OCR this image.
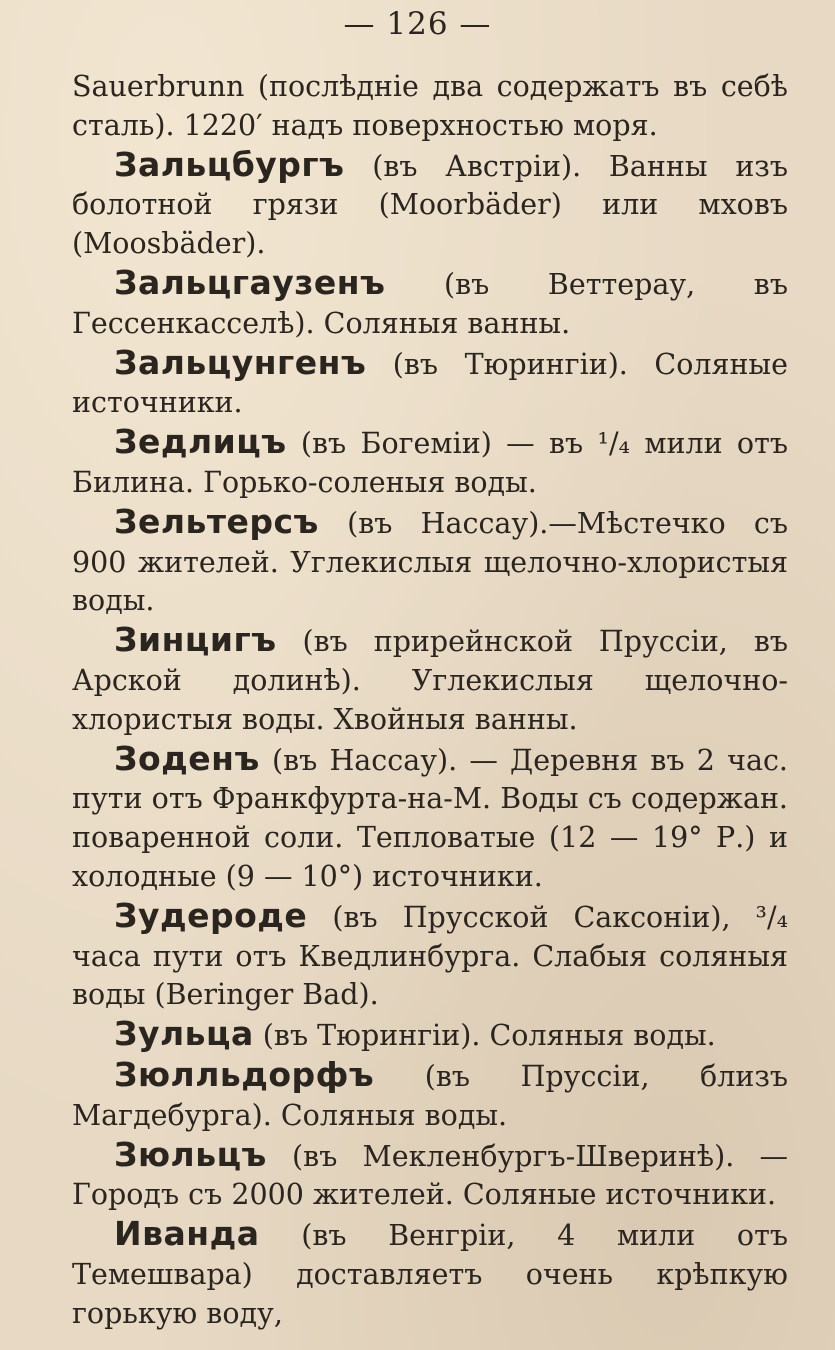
— 126 —

Sauerbrunn (послѣдніе два содержатъ въ себѣ сталь). 1220′ надъ поверхностью моря.

Зальцбургъ (въ Австріи). Ванны изъ болотной грязи (Moorbäder) или мховъ (Moosbäder).

Зальцгаузенъ (въ Веттерау, въ Гессенкасселѣ). Соляныя ванны.

Зальцунгенъ (въ Тюрингіи). Соляные источники.

Зедлицъ (въ Богеміи) — въ ¹/₄ мили отъ Билина. Горько-соленыя воды.

Зельтерсъ (въ Нассау).—Мѣстечко съ 900 жителей. Углекислыя щелочно-хлористыя воды.

Зинцигъ (въ прирейнской Пруссіи, въ Арской долинѣ). Углекислыя щелочно-хлористыя воды. Хвойныя ванны.

Зоденъ (въ Нассау). — Деревня въ 2 час. пути отъ Франкфурта-на-М. Воды съ содержан. поваренной соли. Тепловатые (12 — 19° Р.) и холодные (9 — 10°) источники.

Зудероде (въ Прусской Саксоніи), ³/₄ часа пути отъ Кведлинбурга. Слабыя соляныя воды (Beringer Bad).

Зульца (въ Тюрингіи). Соляныя воды.

Зюлльдорфъ (въ Пруссіи, близъ Магдебурга). Соляныя воды.

Зюльцъ (въ Мекленбургъ-Шверинѣ). — Городъ съ 2000 жителей. Соляные источники.

Иванда (въ Венгріи, 4 мили отъ Темешвара) доставляетъ очень крѣпкую горькую воду,
